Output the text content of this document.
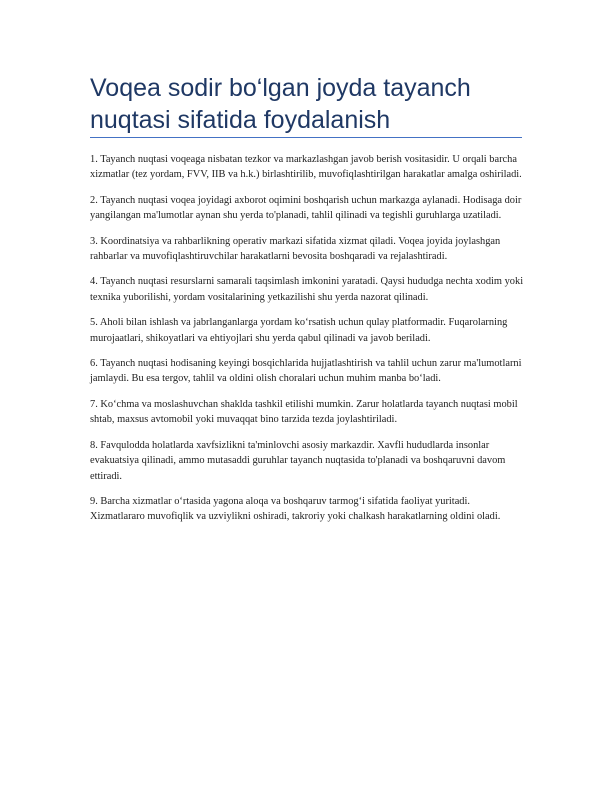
Voqea sodir bo‘lgan joyda tayanch nuqtasi sifatida foydalanish

1. Tayanch nuqtasi voqeaga nisbatan tezkor va markazlashgan javob berish vositasidir. U orqali barcha xizmatlar (tez yordam, FVV, IIB va h.k.) birlashtirilib, muvofiqlashtirilgan harakatlar amalga oshiriladi.

2. Tayanch nuqtasi voqea joyidagi axborot oqimini boshqarish uchun markazga aylanadi. Hodisaga doir yangilangan ma'lumotlar aynan shu yerda to'planadi, tahlil qilinadi va tegishli guruhlarga uzatiladi.

3. Koordinatsiya va rahbarlikning operativ markazi sifatida xizmat qiladi. Voqea joyida joylashgan rahbarlar va muvofiqlashtiruvchilar harakatlarni bevosita boshqaradi va rejalashtiradi.

4. Tayanch nuqtasi resurslarni samarali taqsimlash imkonini yaratadi. Qaysi hududga nechta xodim yoki texnika yuborilishi, yordam vositalarining yetkazilishi shu yerda nazorat qilinadi.

5. Aholi bilan ishlash va jabrlanganlarga yordam ko‘rsatish uchun qulay platformadir. Fuqarolarning murojaatlari, shikoyatlari va ehtiyojlari shu yerda qabul qilinadi va javob beriladi.

6. Tayanch nuqtasi hodisaning keyingi bosqichlarida hujjatlashtirish va tahlil uchun zarur ma'lumotlarni jamlaydi. Bu esa tergov, tahlil va oldini olish choralari uchun muhim manba bo‘ladi.

7. Ko‘chma va moslashuvchan shaklda tashkil etilishi mumkin. Zarur holatlarda tayanch nuqtasi mobil shtab, maxsus avtomobil yoki muvaqqat bino tarzida tezda joylashtiriladi.

8. Favqulodda holatlarda xavfsizlikni ta'minlovchi asosiy markazdir. Xavfli hududlarda insonlar evakuatsiya qilinadi, ammo mutasaddi guruhlar tayanch nuqtasida to'planadi va boshqaruvni davom ettiradi.

9. Barcha xizmatlar o‘rtasida yagona aloqa va boshqaruv tarmog‘i sifatida faoliyat yuritadi. Xizmatlararo muvofiqlik va uzviylikni oshiradi, takroriy yoki chalkash harakatlarning oldini oladi.
